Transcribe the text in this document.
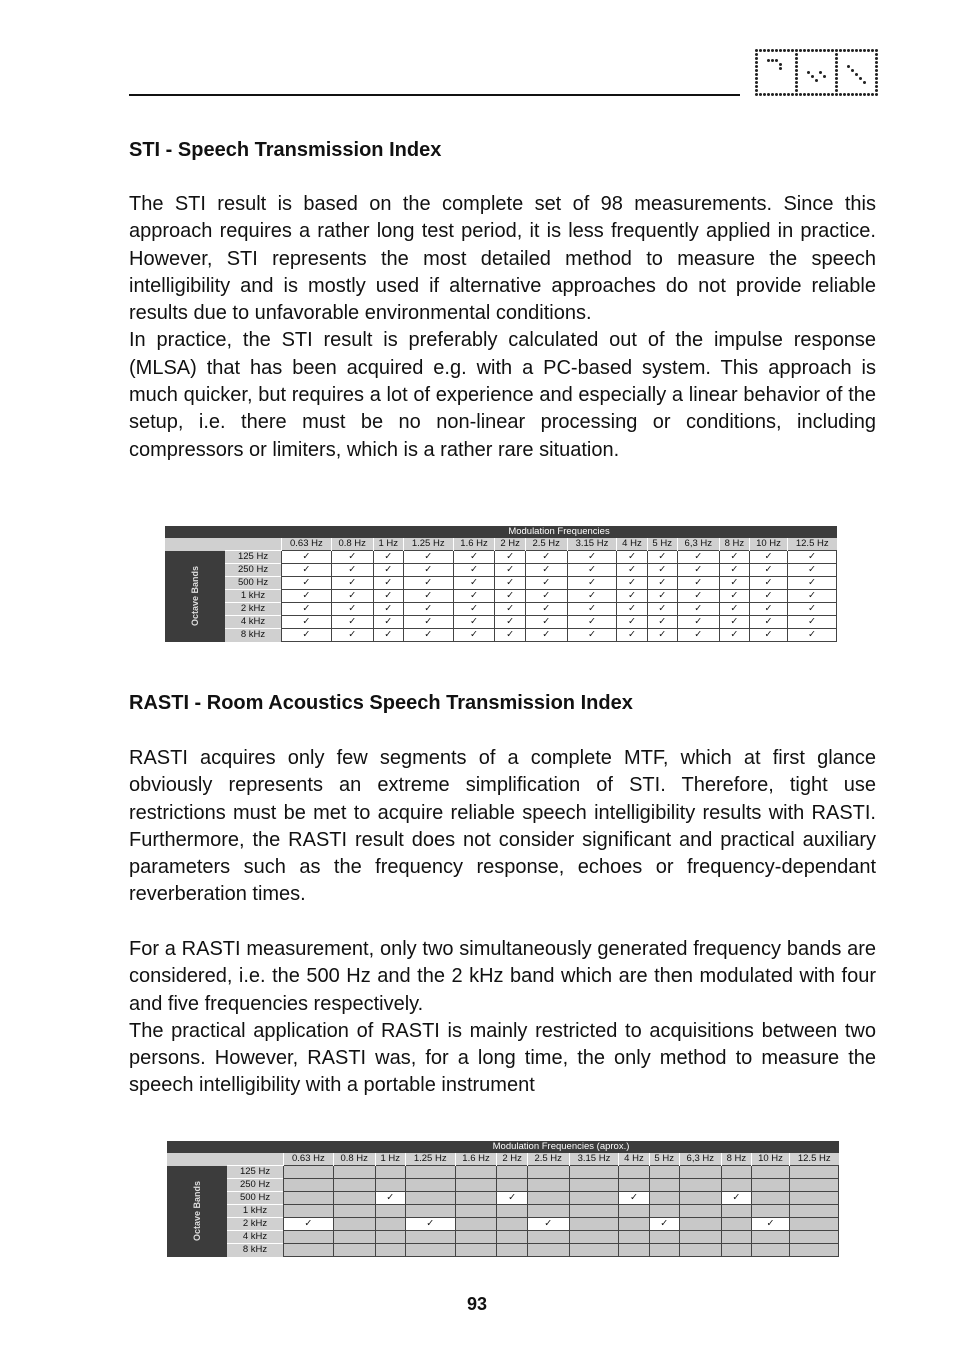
STI - Speech Transmission Index

The STI result is based on the complete set of 98 measurements. Since this approach requires a rather long test period, it is less frequently applied in practice. However, STI represents the most detailed method to measure the speech intelligibility and is mostly used if alternative approaches do not provide reliable results due to unfavorable environmental conditions.

In practice, the STI result is preferably calculated out of the impulse response (MLSA) that has been acquired e.g. with a PC-based system. This approach is much quicker, but requires a lot of experience and especially a linear behavior of the setup, i.e. there must be no non-linear processing or conditions, including compressors or limiters, which is a rather rare situation.

		Modulation Frequencies													
		0.63 Hz	0.8 Hz	1 Hz	1.25 Hz	1.6 Hz	2 Hz	2.5 Hz	3.15 Hz	4 Hz	5 Hz	6,3 Hz	8 Hz	10 Hz	12.5 Hz

Octave Bands	125 Hz	✓	✓	✓	✓	✓	✓	✓	✓	✓	✓	✓	✓	✓	✓
	250 Hz	✓	✓	✓	✓	✓	✓	✓	✓	✓	✓	✓	✓	✓	✓
	500 Hz	✓	✓	✓	✓	✓	✓	✓	✓	✓	✓	✓	✓	✓	✓
	1 kHz	✓	✓	✓	✓	✓	✓	✓	✓	✓	✓	✓	✓	✓	✓
	2 kHz	✓	✓	✓	✓	✓	✓	✓	✓	✓	✓	✓	✓	✓	✓
	4 kHz	✓	✓	✓	✓	✓	✓	✓	✓	✓	✓	✓	✓	✓	✓
	8 kHz	✓	✓	✓	✓	✓	✓	✓	✓	✓	✓	✓	✓	✓	✓
RASTI - Room Acoustics Speech Transmission Index

RASTI acquires only few segments of a complete MTF, which at first glance obviously represents an extreme simplification of STI. Therefore, tight use restrictions must be met to acquire reliable speech intelligibility results with RASTI. Furthermore, the RASTI result does not consider significant and practical auxiliary parameters such as the frequency response, echoes or frequency-dependant reverberation times.

For a RASTI measurement, only two simultaneously generated frequency bands are considered, i.e. the 500 Hz and the 2 kHz band which are then modulated with four and five frequencies respectively.

The practical application of RASTI is mainly restricted to acquisitions between two persons. However, RASTI was, for a long time, the only method to measure the speech intelligibility with a portable instrument

		Modulation Frequencies (aprox.)													
		0.63 Hz	0.8 Hz	1 Hz	1.25 Hz	1.6 Hz	2 Hz	2.5 Hz	3.15 Hz	4 Hz	5 Hz	6,3 Hz	8 Hz	10 Hz	12.5 Hz

Octave Bands	125 Hz														
	250 Hz														
	500 Hz			✓			✓			✓			✓		
	1 kHz														
	2 kHz	✓			✓			✓			✓			✓	
	4 kHz														
	8 kHz														
93
